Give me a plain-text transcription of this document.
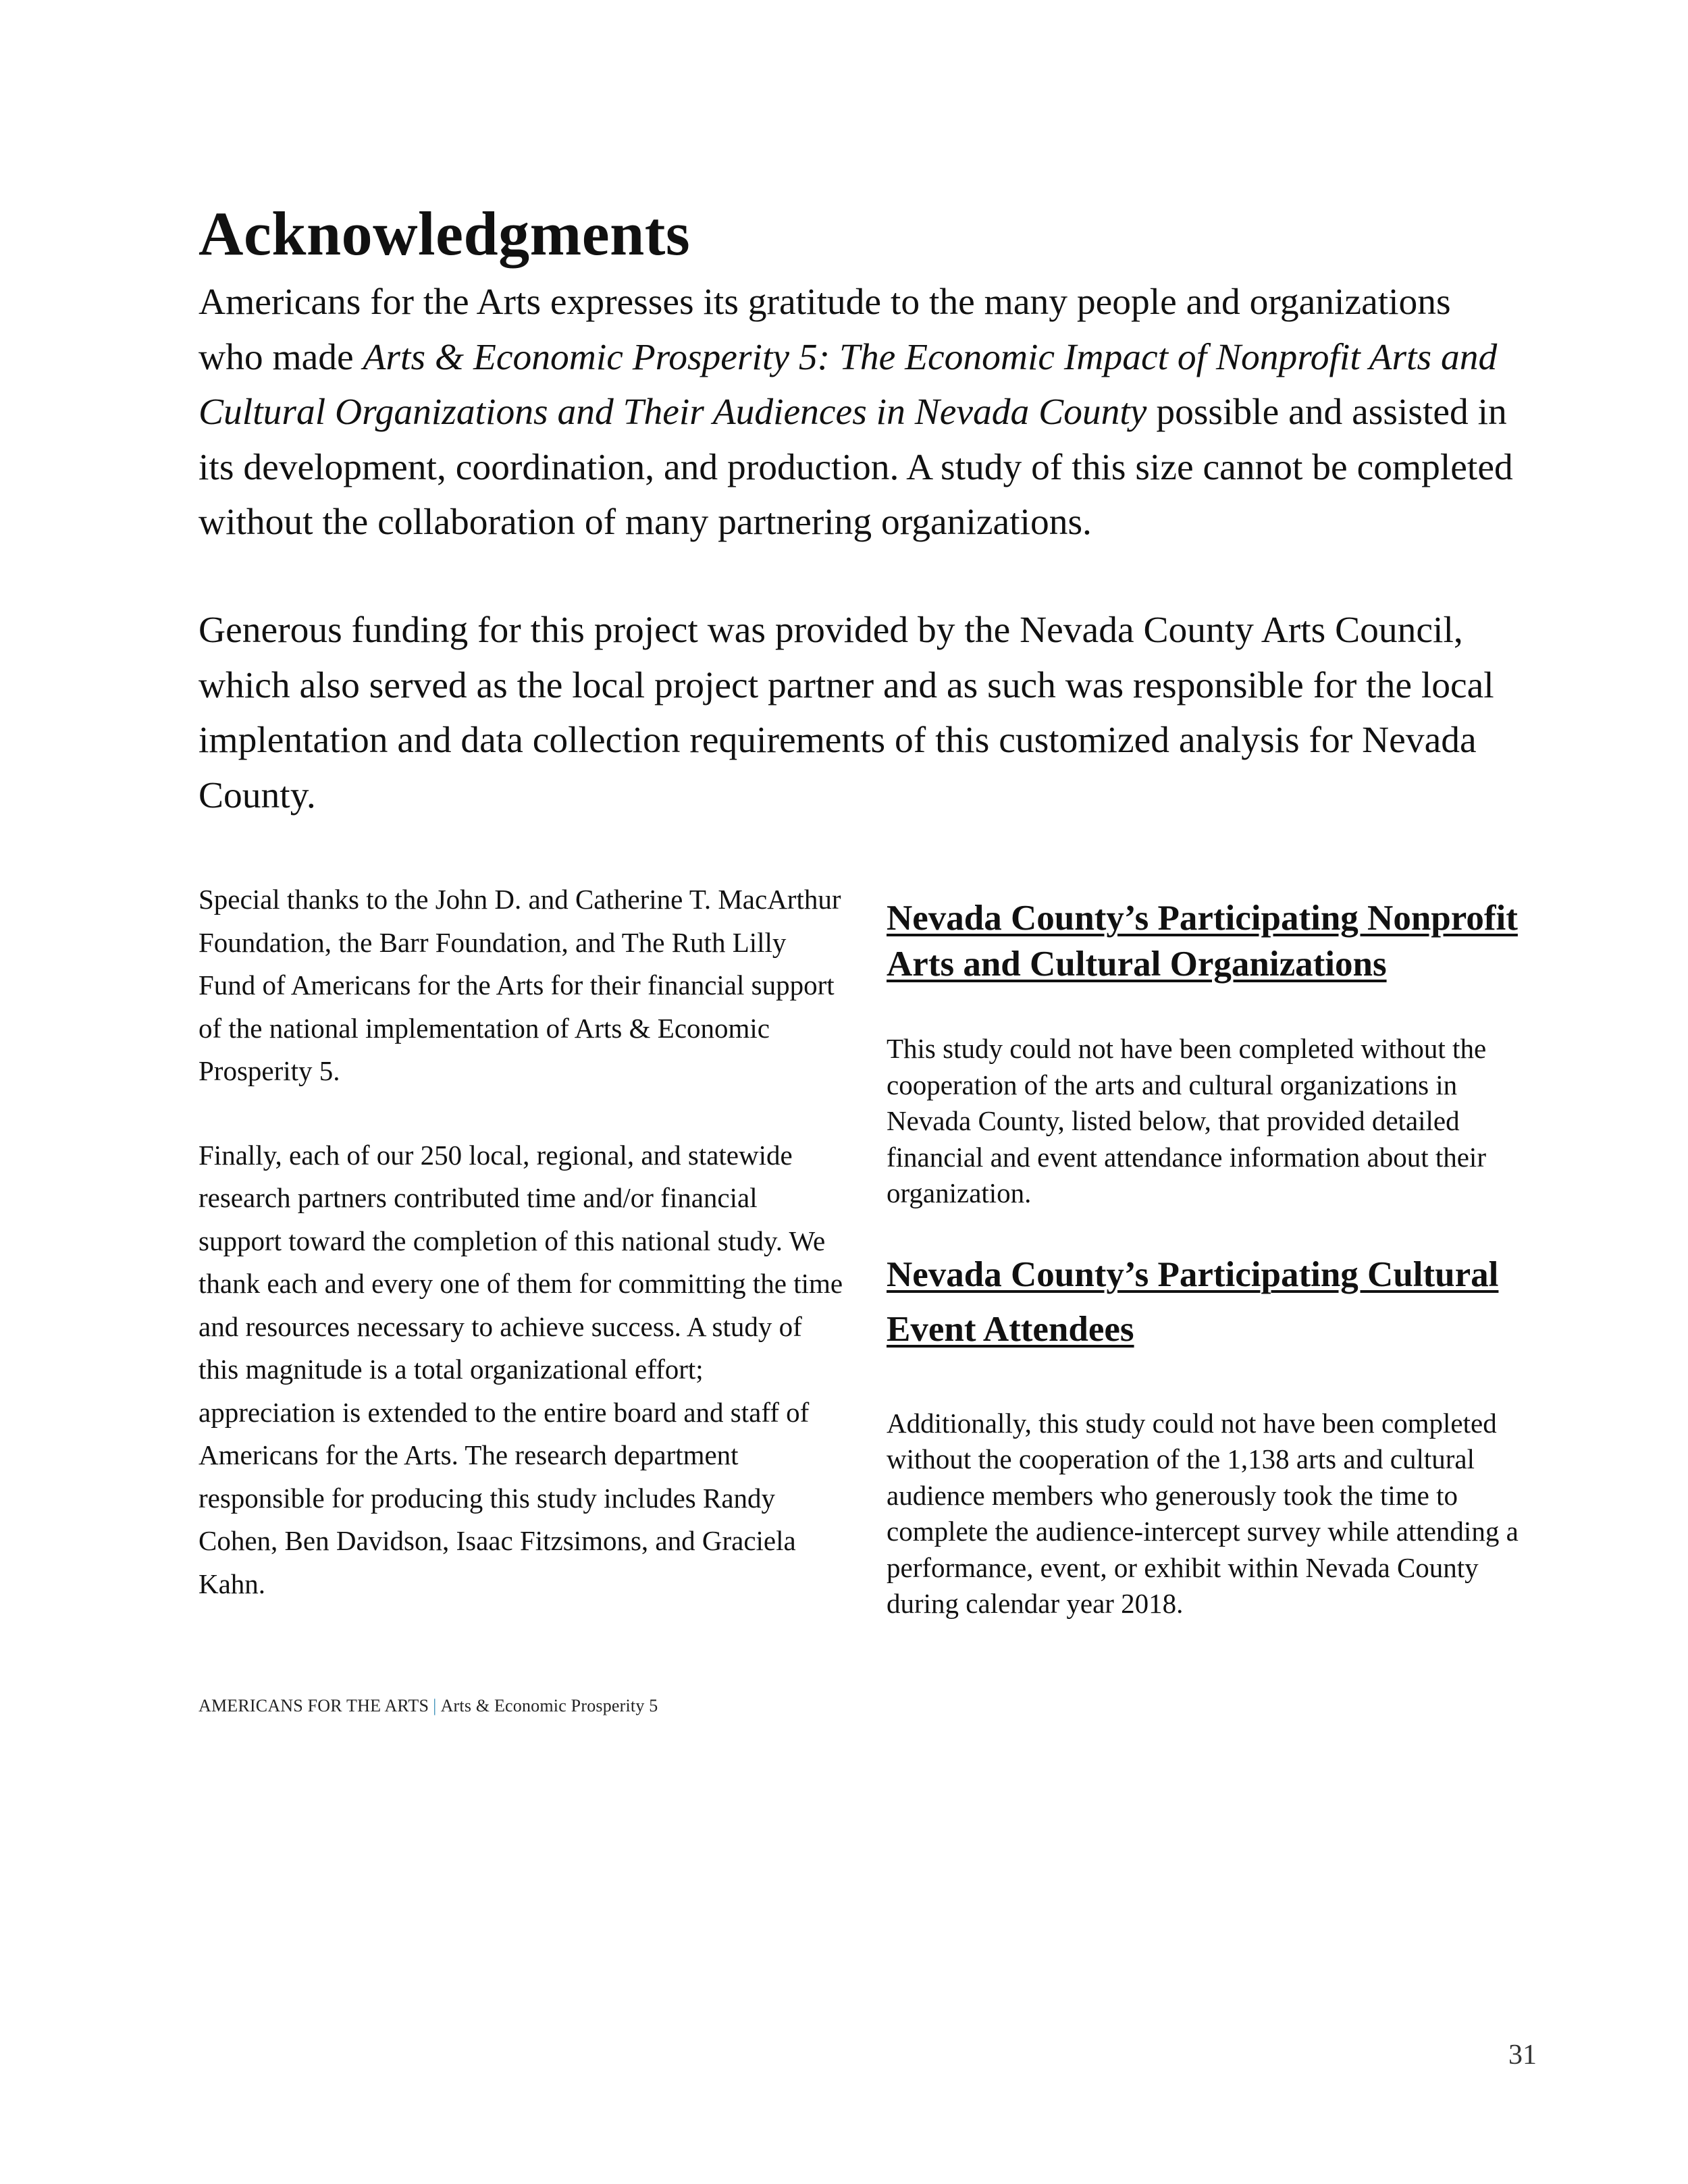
Acknowledgments

Americans for the Arts expresses its gratitude to the many people and organizations who made Arts & Economic Prosperity 5: The Economic Impact of Nonprofit Arts and Cultural Organizations and Their Audiences in Nevada County possible and assisted in its development, coordination, and production. A study of this size cannot be completed without the collaboration of many partnering organizations.

Generous funding for this project was provided by the Nevada County Arts Council, which also served as the local project partner and as such was responsible for the local implentation and data collection requirements of this customized analysis for Nevada County.

Special thanks to the John D. and Catherine T. MacArthur Foundation, the Barr Foundation, and The Ruth Lilly Fund of Americans for the Arts for their financial support of the national implementation of Arts & Economic Prosperity 5.

Finally, each of our 250 local, regional, and statewide research partners contributed time and/or financial support toward the completion of this national study. We thank each and every one of them for committing the time and resources necessary to achieve success. A study of this magnitude is a total organizational effort; appreciation is extended to the entire board and staff of Americans for the Arts. The research department responsible for producing this study includes Randy Cohen, Ben Davidson, Isaac Fitzsimons, and Graciela Kahn.

Nevada County’s Participating Nonprofit Arts and Cultural Organizations

This study could not have been completed without the cooperation of the arts and cultural organizations in Nevada County, listed below, that provided detailed financial and event attendance information about their organization.

Nevada County’s Participating Cultural Event Attendees

Additionally, this study could not have been completed without the cooperation of the 1,138 arts and cultural audience members who generously took the time to complete the audience-intercept survey while attending a performance, event, or exhibit within Nevada County during calendar year 2018.

AMERICANS FOR THE ARTS | Arts & Economic Prosperity 5
31
